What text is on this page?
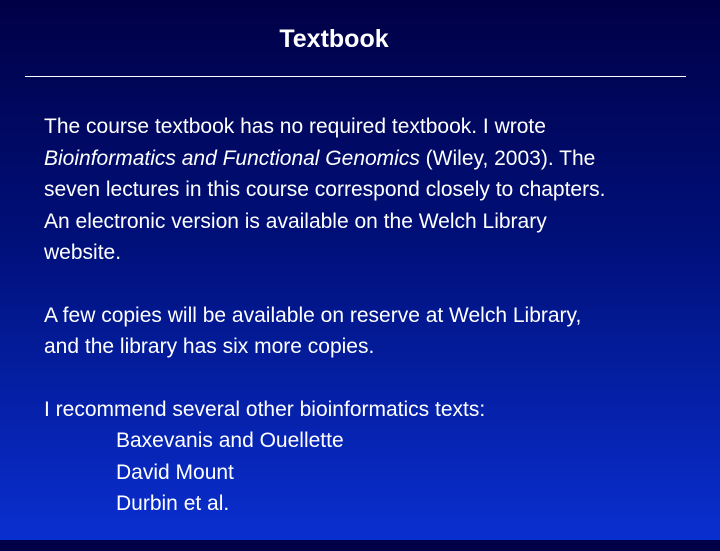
Textbook
The course textbook has no required textbook. I wrote
Bioinformatics and Functional Genomics (Wiley, 2003). The
seven lectures in this course correspond closely to chapters.
An electronic version is available on the Welch Library
website.
A few copies will be available on reserve at Welch Library,
and the library has six more copies.
I recommend several other bioinformatics texts:
Baxevanis and Ouellette
David Mount
Durbin et al.
